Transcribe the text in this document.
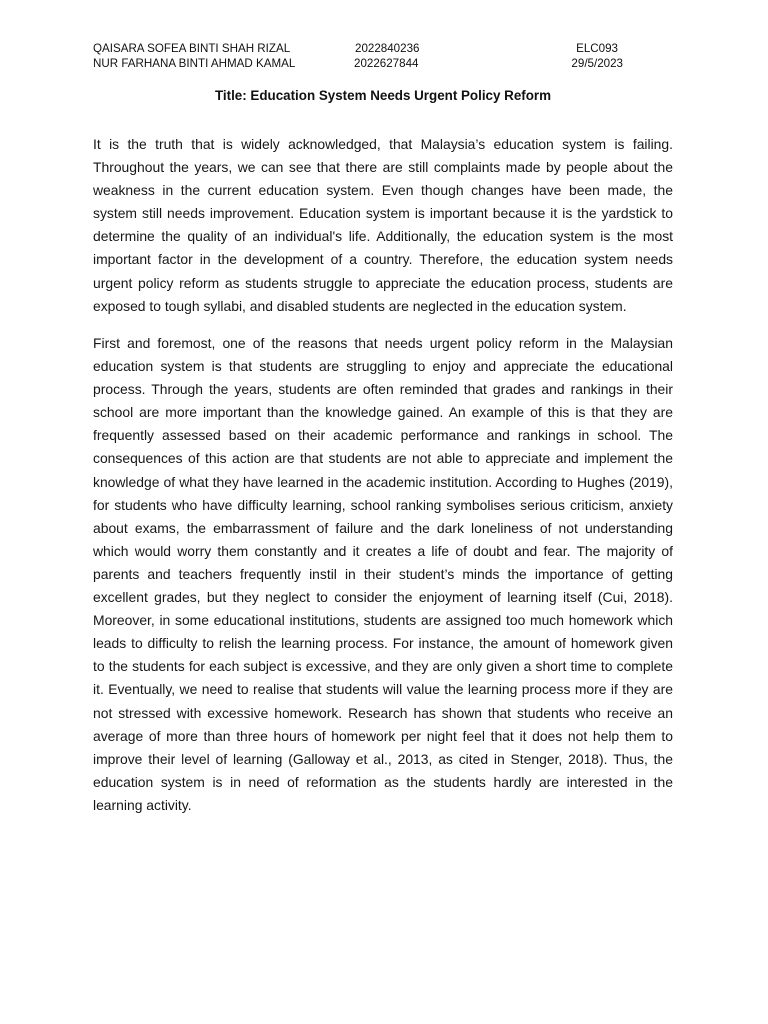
QAISARA SOFEA BINTI SHAH RIZAL	2022840236	ELC093
NUR FARHANA BINTI AHMAD KAMAL	2022627844	29/5/2023
Title: Education System Needs Urgent Policy Reform

It is the truth that is widely acknowledged, that Malaysia’s education system is failing. Throughout the years, we can see that there are still complaints made by people about the weakness in the current education system. Even though changes have been made, the system still needs improvement. Education system is important because it is the yardstick to determine the quality of an individual's life. Additionally, the education system is the most important factor in the development of a country. Therefore, the education system needs urgent policy reform as students struggle to appreciate the education process, students are exposed to tough syllabi, and disabled students are neglected in the education system.

First and foremost, one of the reasons that needs urgent policy reform in the Malaysian education system is that students are struggling to enjoy and appreciate the educational process. Through the years, students are often reminded that grades and rankings in their school are more important than the knowledge gained. An example of this is that they are frequently assessed based on their academic performance and rankings in school. The consequences of this action are that students are not able to appreciate and implement the knowledge of what they have learned in the academic institution. According to Hughes (2019), for students who have difficulty learning, school ranking symbolises serious criticism, anxiety about exams, the embarrassment of failure and the dark loneliness of not understanding which would worry them constantly and it creates a life of doubt and fear. The majority of parents and teachers frequently instil in their student’s minds the importance of getting excellent grades, but they neglect to consider the enjoyment of learning itself (Cui, 2018). Moreover, in some educational institutions, students are assigned too much homework which leads to difficulty to relish the learning process. For instance, the amount of homework given to the students for each subject is excessive, and they are only given a short time to complete it. Eventually, we need to realise that students will value the learning process more if they are not stressed with excessive homework. Research has shown that students who receive an average of more than three hours of homework per night feel that it does not help them to improve their level of learning (Galloway et al., 2013, as cited in Stenger, 2018). Thus, the education system is in need of reformation as the students hardly are interested in the learning activity.
